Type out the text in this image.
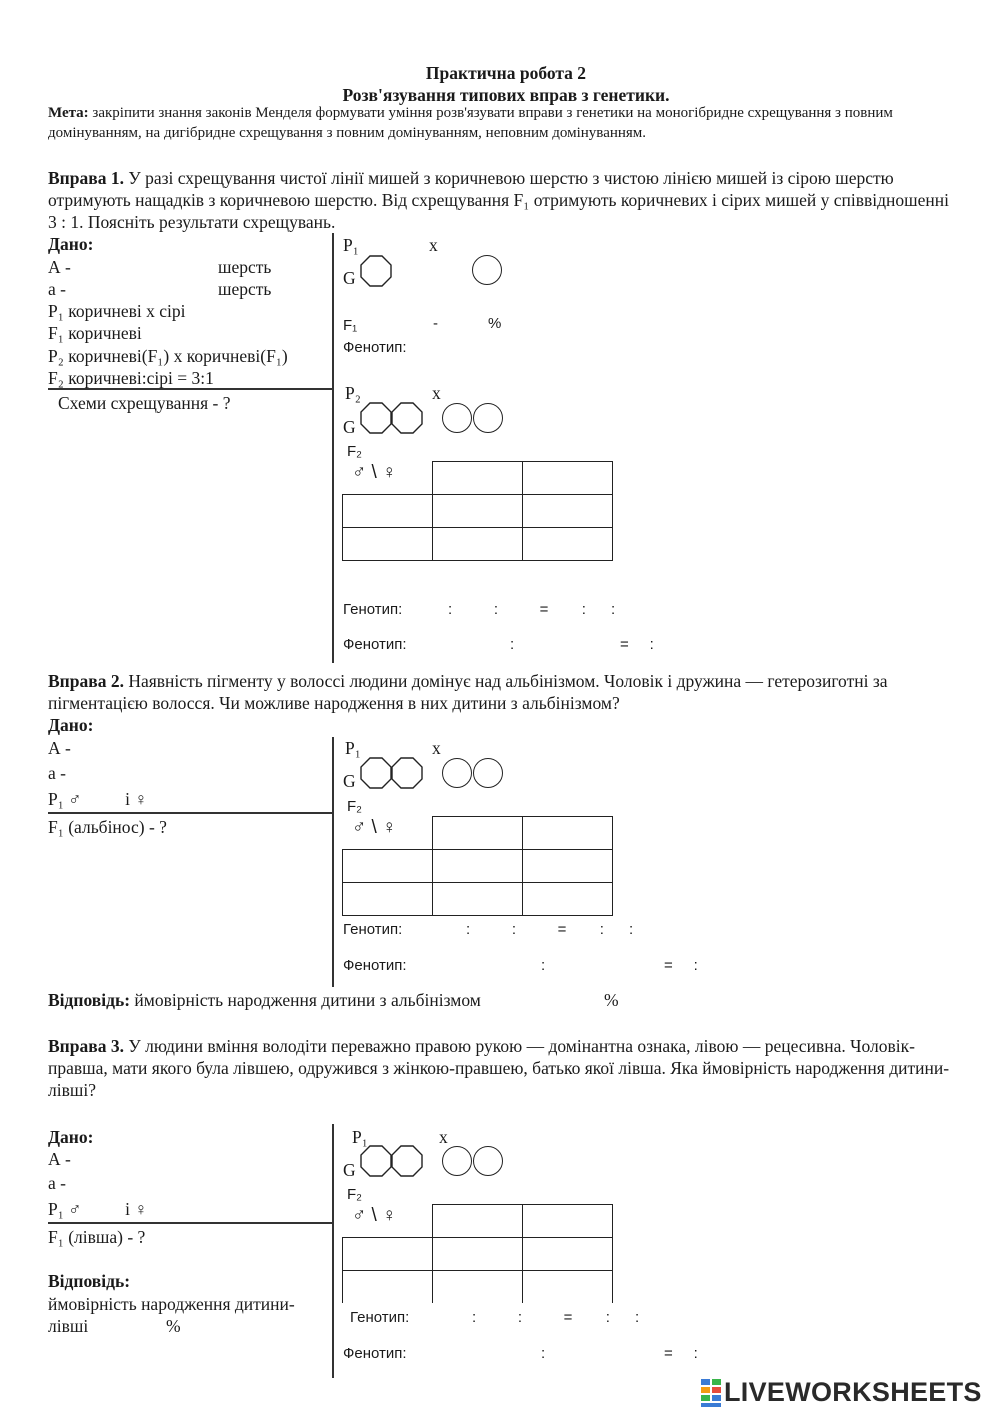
Практична робота 2
Розв'язування типових вправ з генетики.
Мета: закріпити знання законів Менделя формувати уміння розв'язувати вправи з генетики на моногібридне схрещування з повним домінуванням, на дигібридне схрещування з повним домінуванням, неповним домінуванням.
Вправа 1. У разі схрещування чистої лінії мишей з коричневою шерстю з чистою лінією мишей із сірою шерстю отримують нащадків з коричневою шерстю. Від схрещування F₁ отримують коричневих і сірих мишей у співвідношенні 3 : 1. Поясніть результати схрещувань.
Дано:
А -	шерсть
а -	шерсть
P₁ коричневі х сірі
F₁ коричневі
P₂ коричневі(F₁) х коричневі(F₁)
F₂ коричневі:сірі = 3:1
Схеми схрещування - ?
P₁	х
G
F₁	-	%
Фенотип:
P₂	х
G
F₂
♂ \ ♀

Генотип:	:          :          =        :      :
Фенотип:	:	=     :
Вправа 2. Наявність пігменту у волоссі людини домінує над альбінізмом. Чоловік і дружина — гетерозиготні за пігментацією волосся. Чи можливе народження в них дитини з альбінізмом?
Дано:
А -
а -
P₁ ♂          і ♀
F₁ (альбінос) - ?
P₁	х
G
F₂
♂ \ ♀

Генотип:	:          :          =        :      :
Фенотип:	:	=     :
Відповідь: ймовірність народження дитини з альбінізмом	%
Вправа 3. У людини вміння володіти переважно правою рукою — домінантна ознака, лівою — рецесивна. Чоловік-правша, мати якого була лівшею, одружився з жінкою-правшею, батько якої лівша. Яка ймовірність народження дитини-лівші?
Дано:
А -
а -
P₁ ♂          і ♀
F₁ (лівша) - ?
Відповідь:
ймовірність народження дитини-
лівші	%
P₁	х
G
F₂
♂ \ ♀

Генотип:	:          :          =        :      :
Фенотип:	:	=     :
LIVEWORKSHEETS
